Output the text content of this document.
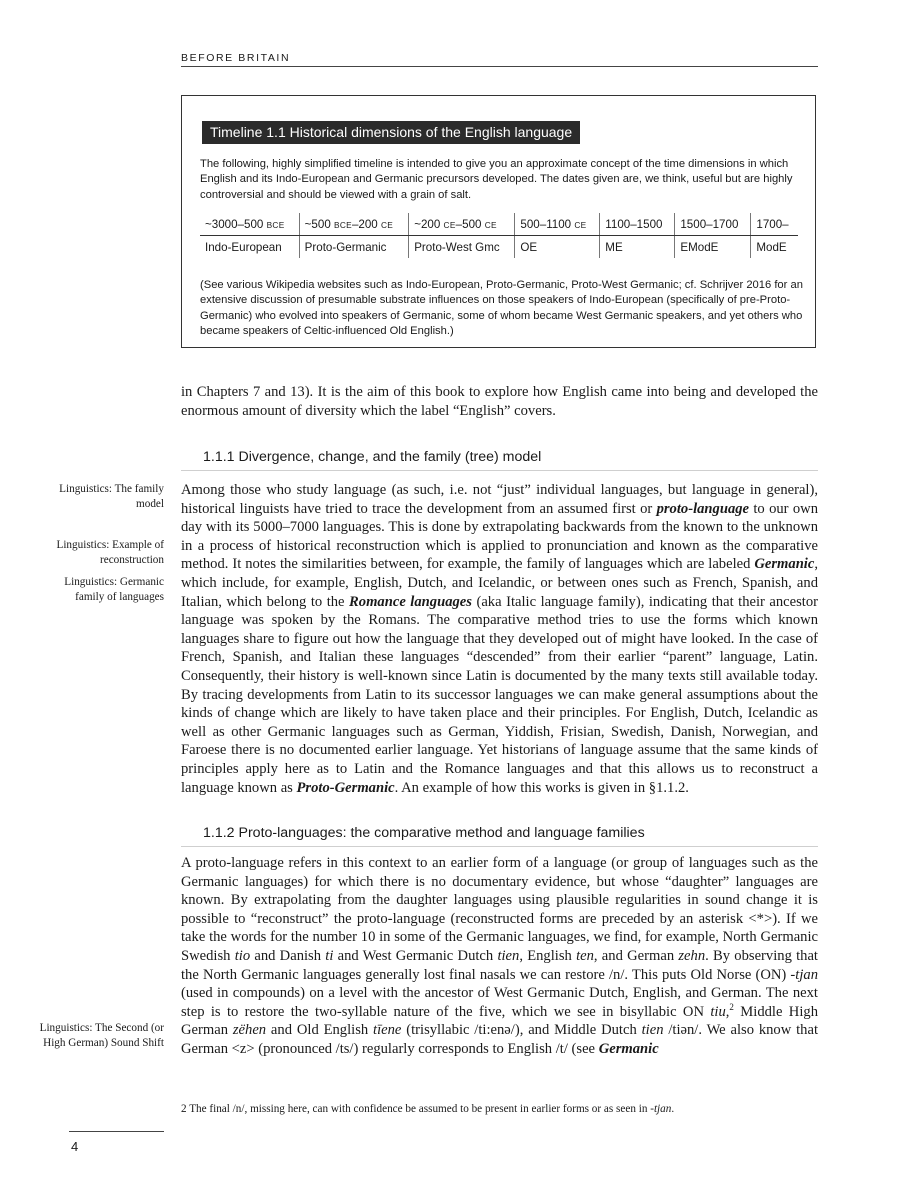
BEFORE BRITAIN
Timeline 1.1 Historical dimensions of the English language
The following, highly simplified timeline is intended to give you an approximate concept of the time dimensions in which English and its Indo-European and Germanic precursors developed. The dates given are, we think, useful but are highly controversial and should be viewed with a grain of salt.
~3000–500 BCE	~500 BCE–200 CE	~200 CE–500 CE	500–1100 CE	1100–1500	1500–1700	1700–
Indo-European	Proto-Germanic	Proto-West Gmc	OE	ME	EModE	ModE
(See various Wikipedia websites such as Indo-European, Proto-Germanic, Proto-West Germanic; cf. Schrijver 2016 for an extensive discussion of presumable substrate influences on those speakers of Indo-European (specifically of pre-Proto-Germanic) who evolved into speakers of Germanic, some of whom became West Germanic speakers, and yet others who became speakers of Celtic-influenced Old English.)

in Chapters 7 and 13). It is the aim of this book to explore how English came into being and developed the enormous amount of diversity which the label “English” covers.

1.1.1 Divergence, change, and the family (tree) model
Linguistics: The family model
Linguistics: Example of reconstruction
Linguistics: Germanic family of languages

Among those who study language (as such, i.e. not “just” individual languages, but language in general), historical linguists have tried to trace the development from an assumed first or proto-language to our own day with its 5000–7000 languages. This is done by extrapolating backwards from the known to the unknown in a process of historical reconstruction which is applied to pronunciation and known as the comparative method. It notes the similarities between, for example, the family of languages which are labeled Germanic, which include, for example, English, Dutch, and Icelandic, or between ones such as French, Spanish, and Italian, which belong to the Romance languages (aka Italic language family), indicating that their ancestor language was spoken by the Romans. The comparative method tries to use the forms which known languages share to figure out how the language that they developed out of might have looked. In the case of French, Spanish, and Italian these languages “descended” from their earlier “parent” language, Latin. Consequently, their history is well-known since Latin is documented by the many texts still available today. By tracing developments from Latin to its successor languages we can make general assumptions about the kinds of change which are likely to have taken place and their principles. For English, Dutch, Icelandic as well as other Germanic languages such as German, Yiddish, Frisian, Swedish, Danish, Norwegian, and Faroese there is no documented earlier language. Yet historians of language assume that the same kinds of principles apply here as to Latin and the Romance languages and that this allows us to reconstruct a language known as Proto-Germanic. An example of how this works is given in §1.1.2.

1.1.2 Proto-languages: the comparative method and language families
Linguistics: The Second (or High German) Sound Shift

A proto-language refers in this context to an earlier form of a language (or group of languages such as the Germanic languages) for which there is no documentary evidence, but whose “daughter” languages are known. By extrapolating from the daughter languages using plausible regularities in sound change it is possible to “reconstruct” the proto-language (reconstructed forms are preceded by an asterisk <*>). If we take the words for the number 10 in some of the Germanic languages, we find, for example, North Germanic Swedish tio and Danish ti and West Germanic Dutch tien, English ten, and German zehn. By observing that the North Germanic languages generally lost final nasals we can restore /n/. This puts Old Norse (ON) -tjan (used in compounds) on a level with the ancestor of West Germanic Dutch, English, and German. The next step is to restore the two-syllable nature of the five, which we see in bisyllabic ON tiu,$^2$ Middle High German zëhen and Old English tīene (trisyllabic /ti:enə/), and Middle Dutch tien /tiən/. We also know that German <z> (pronounced /ts/) regularly corresponds to English /t/ (see Germanic

2 The final /n/, missing here, can with confidence be assumed to be present in earlier forms or as seen in -tjan.
4
